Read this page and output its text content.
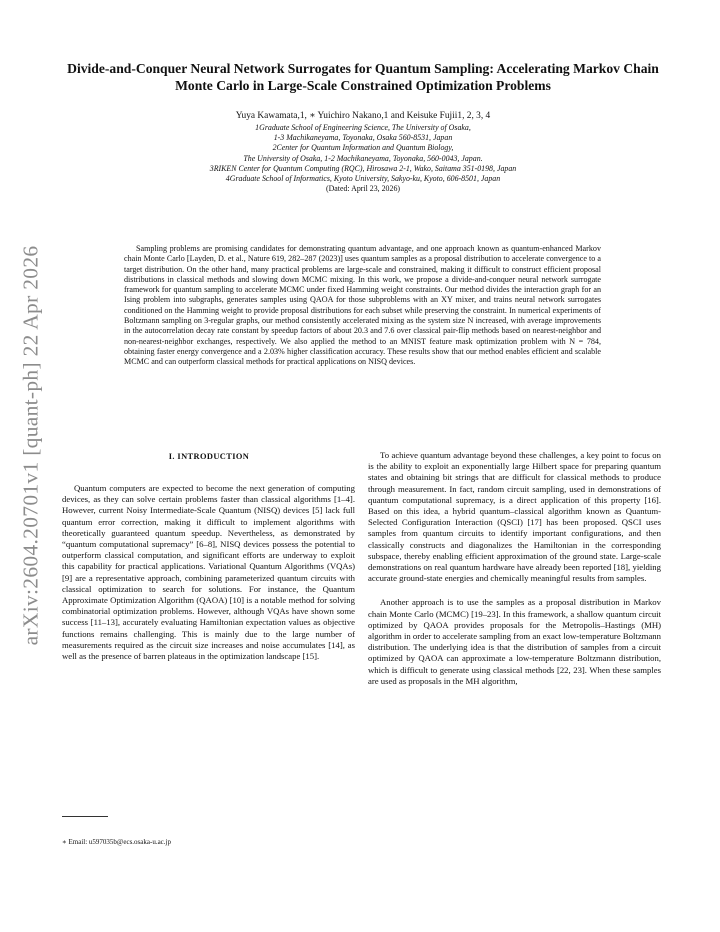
arXiv:2604.20701v1 [quant-ph] 22 Apr 2026
Divide-and-Conquer Neural Network Surrogates for Quantum Sampling: Accelerating Markov Chain Monte Carlo in Large-Scale Constrained Optimization Problems
Yuya Kawamata,1, ∗ Yuichiro Nakano,1 and Keisuke Fujii1, 2, 3, 4
1Graduate School of Engineering Science, The University of Osaka,
1-3 Machikaneyama, Toyonaka, Osaka 560-8531, Japan
2Center for Quantum Information and Quantum Biology,
The University of Osaka, 1-2 Machikaneyama, Toyonaka, 560-0043, Japan.
3RIKEN Center for Quantum Computing (RQC), Hirosawa 2-1, Wako, Saitama 351-0198, Japan
4Graduate School of Informatics, Kyoto University, Sakyo-ku, Kyoto, 606-8501, Japan
(Dated: April 23, 2026)

Sampling problems are promising candidates for demonstrating quantum advantage, and one approach known as quantum-enhanced Markov chain Monte Carlo [Layden, D. et al., Nature 619, 282–287 (2023)] uses quantum samples as a proposal distribution to accelerate convergence to a target distribution. On the other hand, many practical problems are large-scale and constrained, making it difficult to construct efficient proposal distributions in classical methods and slowing down MCMC mixing. In this work, we propose a divide-and-conquer neural network surrogate framework for quantum sampling to accelerate MCMC under fixed Hamming weight constraints. Our method divides the interaction graph for an Ising problem into subgraphs, generates samples using QAOA for those subproblems with an XY mixer, and trains neural network surrogates conditioned on the Hamming weight to provide proposal distributions for each subset while preserving the constraint. In numerical experiments of Boltzmann sampling on 3-regular graphs, our method consistently accelerated mixing as the system size N increased, with average improvements in the autocorrelation decay rate constant by speedup factors of about 20.3 and 7.6 over classical pair-flip methods based on nearest-neighbor and non-nearest-neighbor exchanges, respectively. We also applied the method to an MNIST feature mask optimization problem with N = 784, obtaining faster energy convergence and a 2.03% higher classification accuracy. These results show that our method enables efficient and scalable MCMC and can outperform classical methods for practical applications on NISQ devices.

I. INTRODUCTION

Quantum computers are expected to become the next generation of computing devices, as they can solve certain problems faster than classical algorithms [1–4]. However, current Noisy Intermediate-Scale Quantum (NISQ) devices [5] lack full quantum error correction, making it difficult to implement algorithms with theoretically guaranteed quantum speedup. Nevertheless, as demonstrated by “quantum computational supremacy” [6–8], NISQ devices possess the potential to outperform classical computation, and significant efforts are underway to exploit this capability for practical applications. Variational Quantum Algorithms (VQAs) [9] are a representative approach, combining parameterized quantum circuits with classical optimization to search for solutions. For instance, the Quantum Approximate Optimization Algorithm (QAOA) [10] is a notable method for solving combinatorial optimization problems. However, although VQAs have shown some success [11–13], accurately evaluating Hamiltonian expectation values as objective functions remains challenging. This is mainly due to the large number of measurements required as the circuit size increases and noise accumulates [14], as well as the presence of barren plateaus in the optimization landscape [15].

To achieve quantum advantage beyond these challenges, a key point to focus on is the ability to exploit an exponentially large Hilbert space for preparing quantum states and obtaining bit strings that are difficult for classical methods to produce through measurement. In fact, random circuit sampling, used in demonstrations of quantum computational supremacy, is a direct application of this property [16]. Based on this idea, a hybrid quantum–classical algorithm known as Quantum-Selected Configuration Interaction (QSCI) [17] has been proposed. QSCI uses samples from quantum circuits to identify important configurations, and then classically constructs and diagonalizes the Hamiltonian in the corresponding subspace, thereby enabling efficient approximation of the ground state. Large-scale demonstrations on real quantum hardware have already been reported [18], yielding accurate ground-state energies and chemically meaningful results from samples.

Another approach is to use the samples as a proposal distribution in Markov chain Monte Carlo (MCMC) [19–23]. In this framework, a shallow quantum circuit optimized by QAOA provides proposals for the Metropolis–Hastings (MH) algorithm in order to accelerate sampling from an exact low-temperature Boltzmann distribution. The underlying idea is that the distribution of samples from a circuit optimized by QAOA can approximate a low-temperature Boltzmann distribution, which is difficult to generate using classical methods [22, 23]. When these samples are used as proposals in the MH algorithm,

∗ Email: u597035b@ecs.osaka-u.ac.jp
